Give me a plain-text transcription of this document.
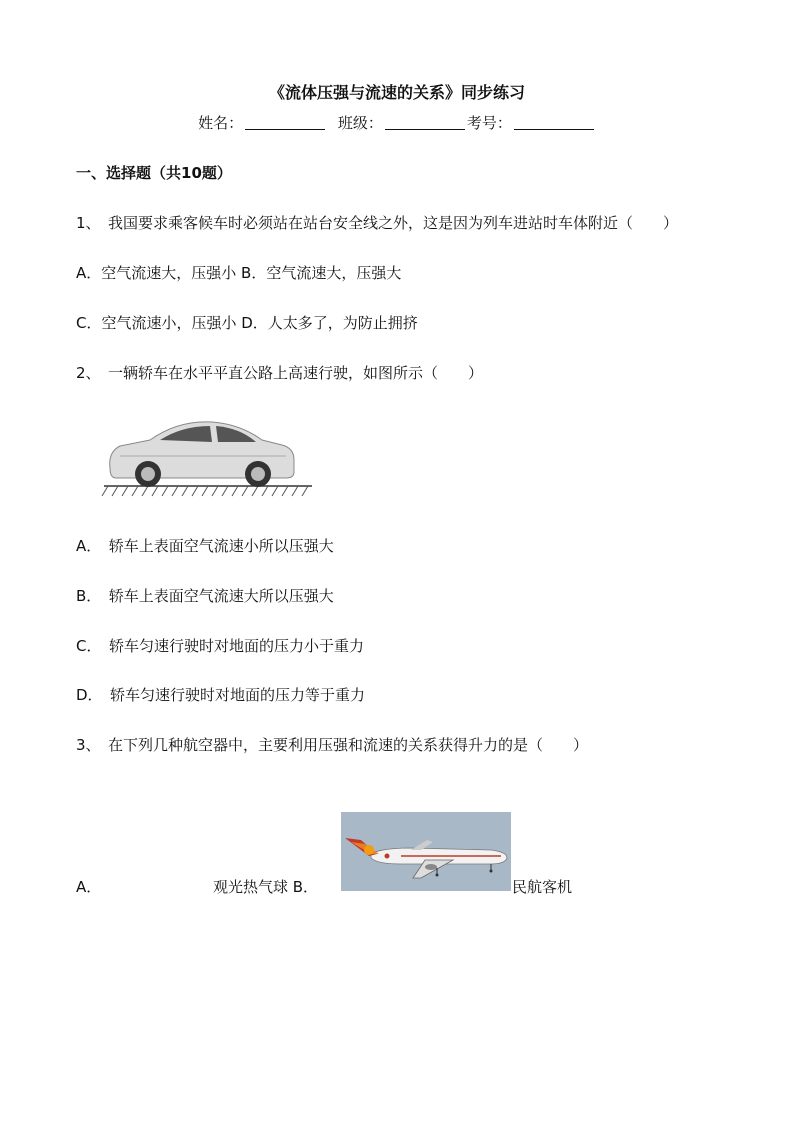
《流体压强与流速的关系》同步练习
姓名：	班级：	考号：
一、选择题（共10题）
1、　我国要求乘客候车时必须站在站台安全线之外，这是因为列车进站时车体附近（　　）
A．空气流速大，压强小 B．空气流速大，压强大
C．空气流速小，压强小 D．人太多了，为防止拥挤
2、　一辆轿车在水平平直公路上高速行驶，如图所示（　　）
A．　轿车上表面空气流速小所以压强大
B．　轿车上表面空气流速大所以压强大
C．　轿车匀速行驶时对地面的压力小于重力
D．　轿车匀速行驶时对地面的压力等于重力
3、　在下列几种航空器中，主要利用压强和流速的关系获得升力的是（　　）
A．	观光热气球 B．	民航客机
